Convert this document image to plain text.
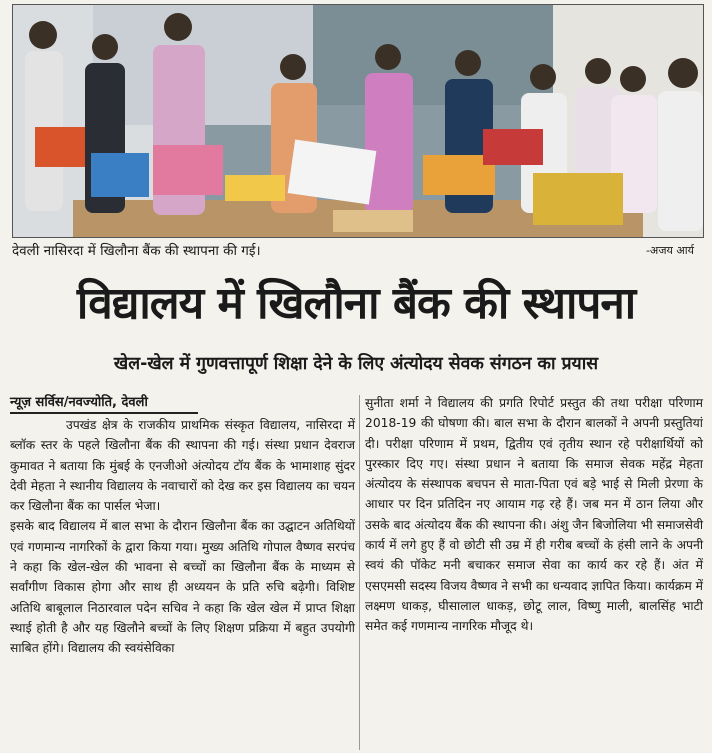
देवली नासिरदा में खिलौना बैंक की स्थापना की गई।	-अजय आर्य
विद्यालय में खिलौना बैंक की स्थापना
खेल-खेल में गुणवत्तापूर्ण शिक्षा देने के लिए अंत्योदय सेवक संगठन का प्रयास
न्यूज़ सर्विस/नवज्योति, देवली

उपखंड क्षेत्र के राजकीय प्राथमिक संस्कृत विद्यालय, नासिरदा में ब्लॉक स्तर के पहले खिलौना बैंक की स्थापना की गई। संस्था प्रधान देवराज कुमावत ने बताया कि मुंबई के एनजीओ अंत्योदय टॉय बैंक के भामाशाह सुंदर देवी मेहता ने स्थानीय विद्यालय के नवाचारों को देख कर इस विद्यालय का चयन कर खिलौना बैंक का पार्सल भेजा।

इसके बाद विद्यालय में बाल सभा के दौरान खिलौना बैंक का उद्घाटन अतिथियों एवं गणमान्य नागरिकों के द्वारा किया गया। मुख्य अतिथि गोपाल वैष्णव सरपंच ने कहा कि खेल-खेल की भावना से बच्चों का खिलौना बैंक के माध्यम से सर्वांगीण विकास होगा और साथ ही अध्ययन के प्रति रुचि बढ़ेगी। विशिष्ट अतिथि बाबूलाल निठारवाल पदेन सचिव ने कहा कि खेल खेल में प्राप्त शिक्षा स्थाई होती है और यह खिलौने बच्चों के लिए शिक्षण प्रक्रिया में बहुत उपयोगी साबित होंगे। विद्यालय की स्वयंसेविका

सुनीता शर्मा ने विद्यालय की प्रगति रिपोर्ट प्रस्तुत की तथा परीक्षा परिणाम 2018-19 की घोषणा की। बाल सभा के दौरान बालकों ने अपनी प्रस्तुतियां दी। परीक्षा परिणाम में प्रथम, द्वितीय एवं तृतीय स्थान रहे परीक्षार्थियों को पुरस्कार दिए गए। संस्था प्रधान ने बताया कि समाज सेवक महेंद्र मेहता अंत्योदय के संस्थापक बचपन से माता-पिता एवं बड़े भाई से मिली प्रेरणा के आधार पर दिन प्रतिदिन नए आयाम गढ़ रहे हैं। जब मन में ठान लिया और उसके बाद अंत्योदय बैंक की स्थापना की। अंशु जैन बिजोलिया भी समाजसेवी कार्य में लगे हुए हैं वो छोटी सी उम्र में ही गरीब बच्चों के हंसी लाने के अपनी स्वयं की पॉकेट मनी बचाकर समाज सेवा का कार्य कर रहे हैं। अंत में एसएमसी सदस्य विजय वैष्णव ने सभी का धन्यवाद ज्ञापित किया। कार्यक्रम में लक्ष्मण धाकड़, घीसालाल धाकड़, छोटू लाल, विष्णु माली, बालसिंह भाटी समेत कई गणमान्य नागरिक मौजूद थे।
